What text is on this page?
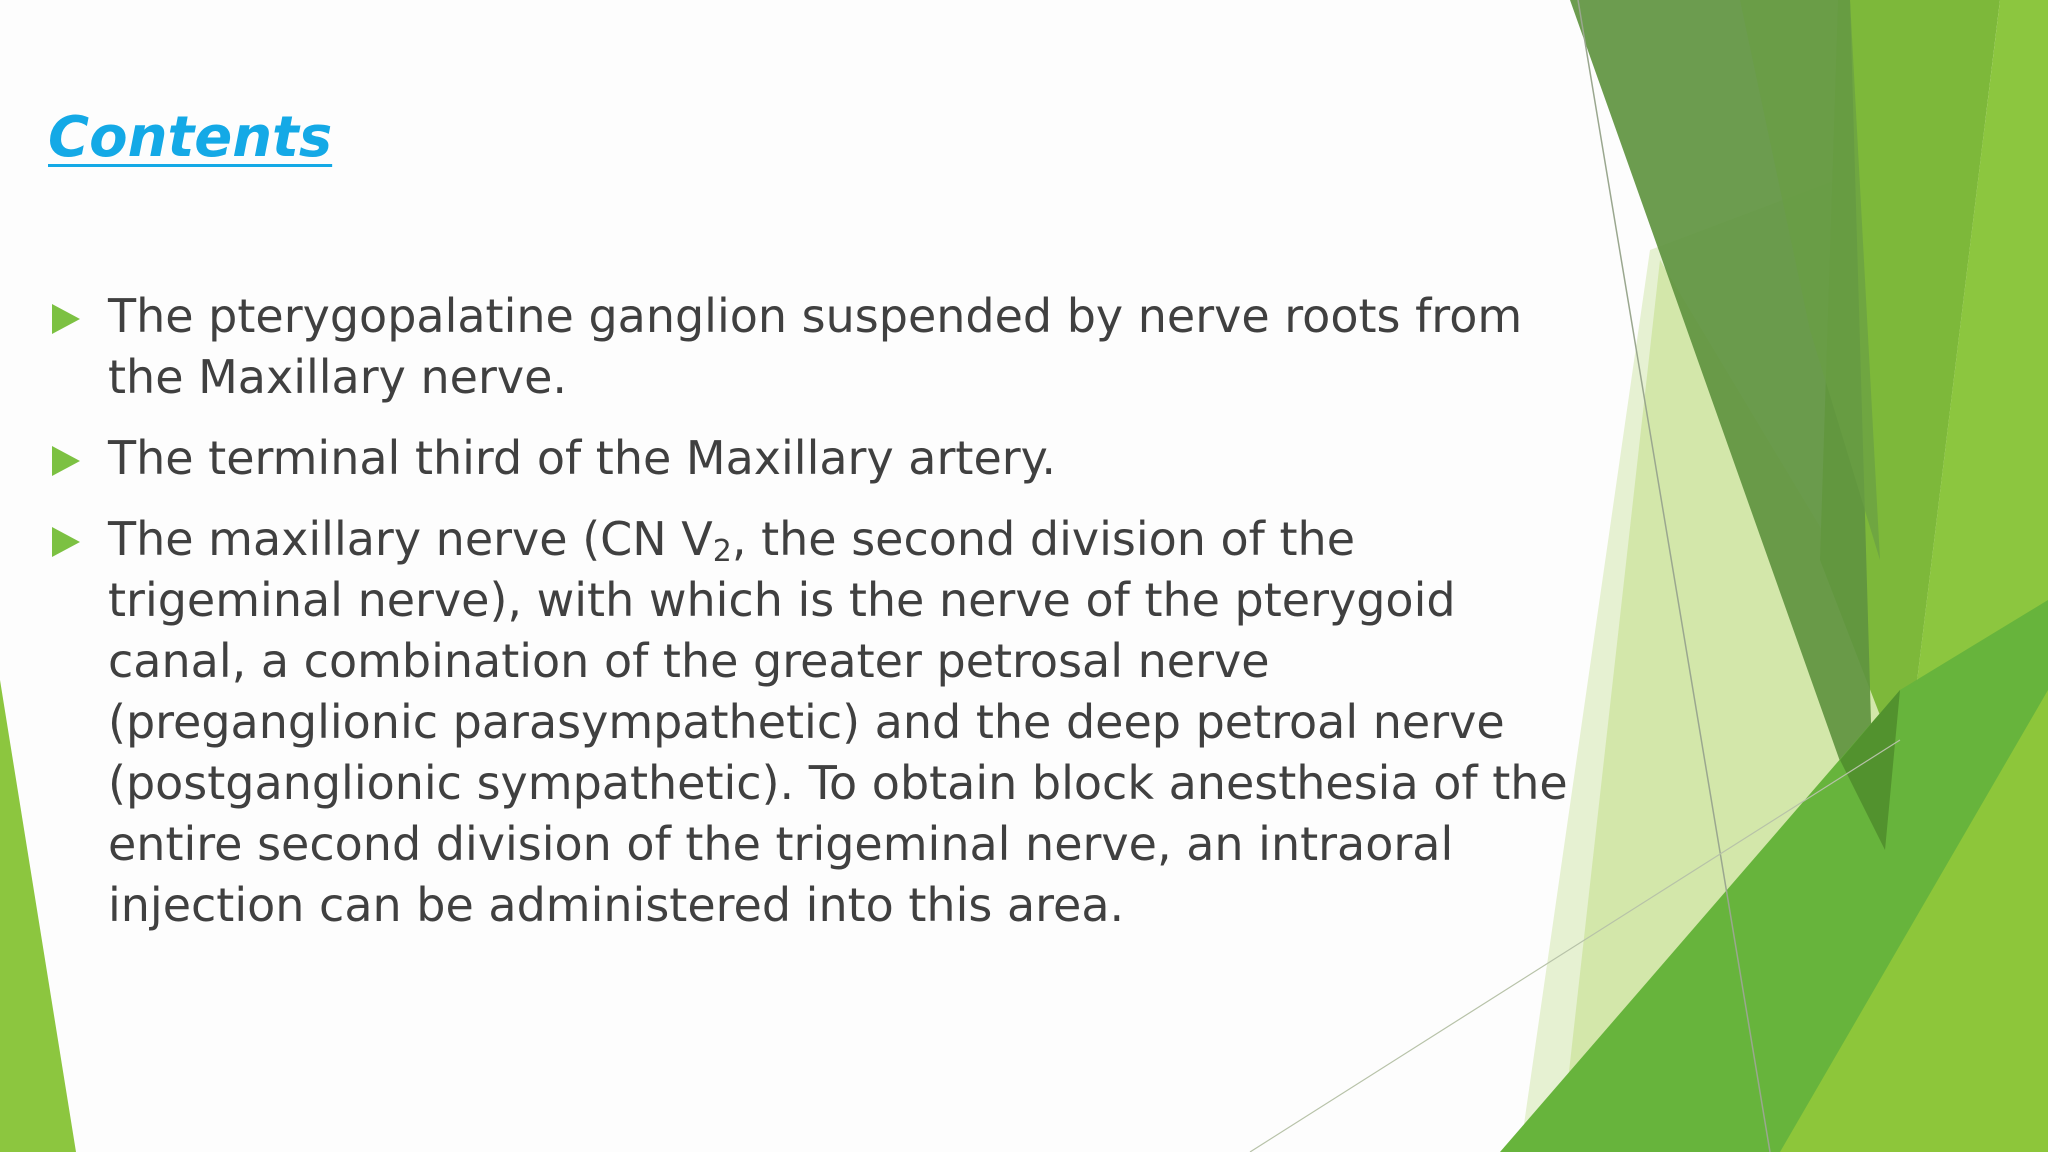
Contents
The pterygopalatine ganglion suspended by nerve roots from the Maxillary nerve.
The terminal third of the Maxillary artery.
The maxillary nerve (CN $V_2$, the second division of the trigeminal nerve), with which is the nerve of the pterygoid canal, a combination of the greater petrosal nerve (preganglionic parasympathetic) and the deep petroal nerve (postganglionic sympathetic). To obtain block anesthesia of the entire second division of the trigeminal nerve, an intraoral injection can be administered into this area.
